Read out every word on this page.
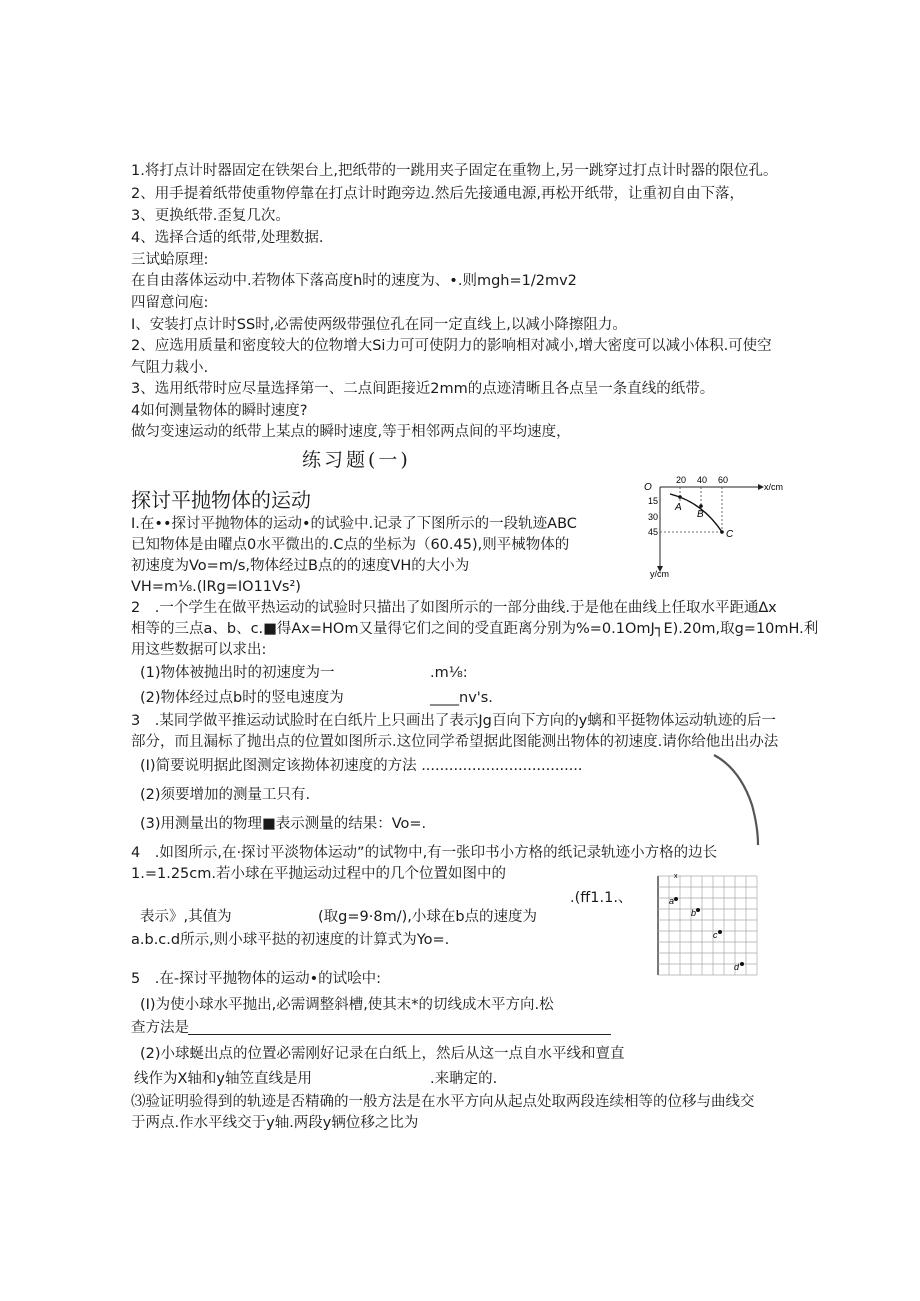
1.将打点计时器固定在铁架台上,把纸带的一跳用夹子固定在重物上,另一跳穿过打点计时器的限位孔。
2、用手提着纸带使重物停靠在打点计时跑旁边.然后先接通电源,再松开纸带，让重初自由下落，
3、更换纸带.歪复几次。
4、选择合适的纸带,处理数据.
三试蛤原理:
在自由落体运动中.若物体下落高度h时的速度为、•.则mgh=1∕2mv2
四留意问庖:
I、安装打点计时SS时,必需使两级带强位孔在同一定直线上,以减小降擦阻力。
2、应选用质量和密度较大的位物增大Si力可可使阴力的影响相对减小,增大密度可以减小体积.可使空
气阻力栽小.
3、选用纸带时应尽量选择第一、二点间距接近2mm的点迹清晰且各点呈一条直线的纸带。
4如何测量物体的瞬时速度?
做匀变速运动的纸带上某点的瞬时速度,等于相邻两点间的平均速度，
练习题(一)
探讨平抛物体的运动
I.在••探讨平抛物体的运动•的试验中.记录了下图所示的一段轨迹ABC
已知物体是由曜点0水平微出的.C点的坐标为（60.45),则平械物体的
初速度为Vo=m∕s,物体经过B点的的速度VH的大小为
VH=m⅛.(lRg=IO11Vs²)
O	x/cm
y/cm
20 40 60
15
30
45
A
B
C
2　.一个学生在做平热运动的试验时只描出了如图所示的一部分曲线.于是他在曲线上任取水平距通∆x
相等的三点a、b、c.■得Ax=HOm又量得它们之间的受直距离分别为%=0.1OmJ┐E).20m,取g=10mH.利
用这些数据可以求出:
(1)物体被抛出时的初速度为一	.m⅛:
(2)物体经过点b时的竖电速度为	____nv's.
3　.某同学做平推运动试脸时在白纸片上只画出了表示Jg百向下方向的y螭和平挺物体运动轨迹的后一
部分，而且漏标了抛出点的位置如图所示.这位同学希望据此图能测出物体的初速度.请你给他出出办法
(I)简要说明据此图测定该拗体初速度的方法 ...................................
(2)须要增加的测量工只有.
(3)用测量出的物理■表示测量的结果：Vo=.
4　.如图所示,在·探讨平淡物体运动”的试物中,有一张印书小方格的纸记录轨迹小方格的边长
1.=1.25cm.若小球在平抛运动过程中的几个位置如图中的
.(ff1.1.、
表示》,其值为	(取g=9·8m∕),小球在b点的速度为
a.b.c.d所示,则小球平挞的初速度的计算式为Yo=.
x
a
b
c
d
5　.在-探讨平抛物体的运动•的试哙中:
(I)为使小球水平抛出,必需调整斜槽,使其末*的切线成木平方向.松
查方法是
(2)小球蜒出点的位置必需刚好记录在白纸上，然后从这一点自水平线和亶直
线作为X轴和y轴笠直线是用	.来聃定的.
⑶验证明验得到的轨迹是否精确的一般方法是在水平方向从起点处取两段连续相等的位移与曲线交
于两点.作水平线交于y轴.两段y辆位移之比为
